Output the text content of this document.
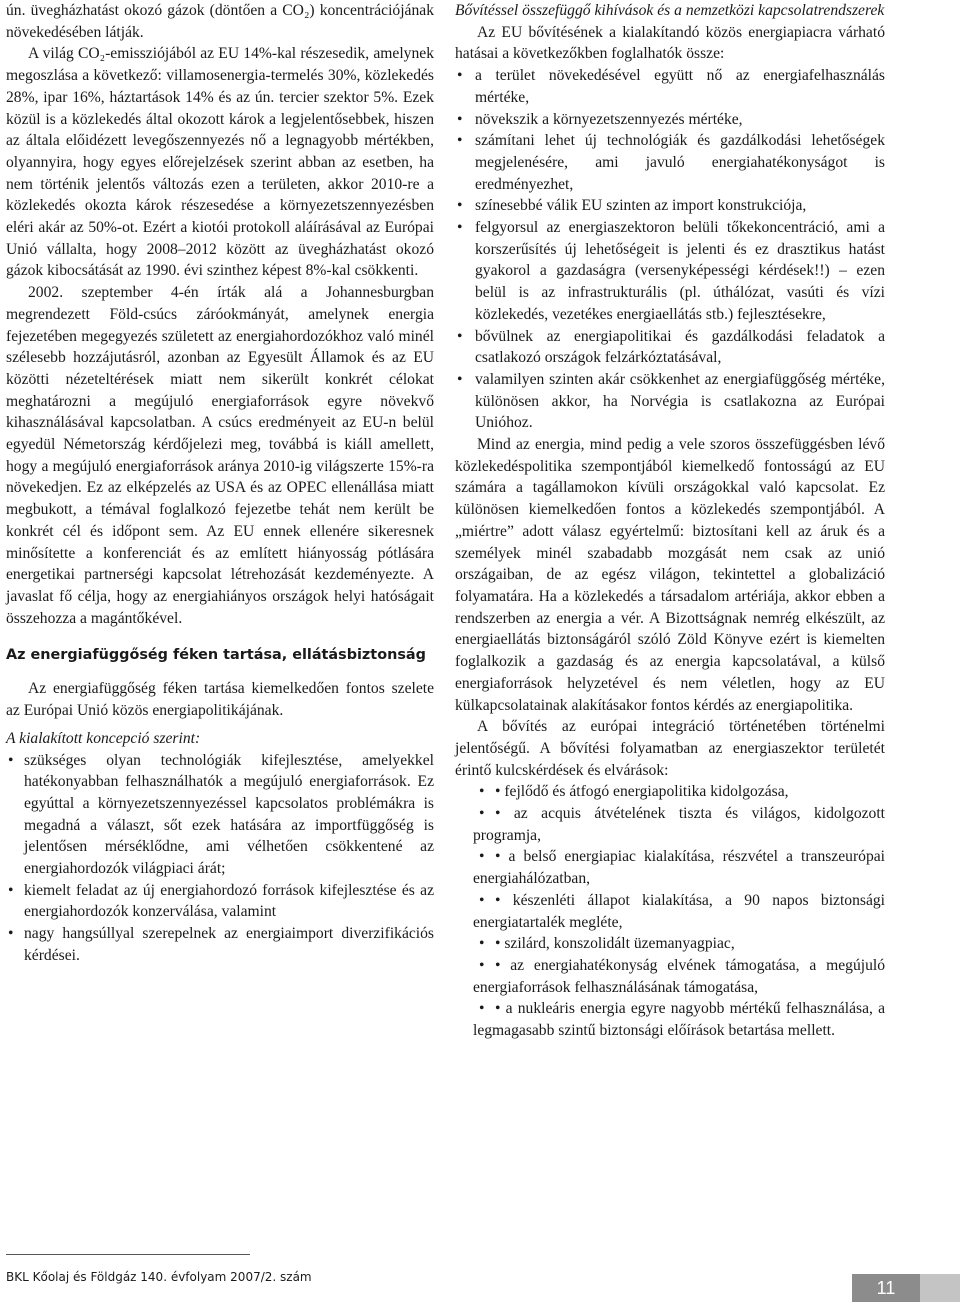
ún. üvegházhatást okozó gázok (döntően a CO₂) koncentrációjának növekedésében látják.

A világ CO₂-emissziójából az EU 14%-kal részesedik, amelynek megoszlása a következő: villamosenergia-termelés 30%, közlekedés 28%, ipar 16%, háztartások 14% és az ún. tercier szektor 5%. Ezek közül is a közlekedés által okozott károk a legjelentősebbek, hiszen az általa előidézett levegőszennyezés nő a legnagyobb mértékben, olyannyira, hogy egyes előrejelzések szerint abban az esetben, ha nem történik jelentős változás ezen a területen, akkor 2010-re a közlekedés okozta károk részesedése a környezetszennyezésben eléri akár az 50%-ot. Ezért a kiotói protokoll aláírásával az Európai Unió vállalta, hogy 2008–2012 között az üvegházhatást okozó gázok kibocsátását az 1990. évi szinthez képest 8%-kal csökkenti.

2002. szeptember 4-én írták alá a Johannesburgban megrendezett Föld-csúcs záróokmányát, amelynek energia fejezetében megegyezés született az energiahordozókhoz való minél szélesebb hozzájutásról, azonban az Egyesült Államok és az EU közötti nézeteltérések miatt nem sikerült konkrét célokat meghatározni a megújuló energiaforrások egyre növekvő kihasználásával kapcsolatban. A csúcs eredményeit az EU-n belül egyedül Németország kérdőjelezi meg, továbbá is kiáll amellett, hogy a megújuló energiaforrások aránya 2010-ig világszerte 15%-ra növekedjen. Ez az elképzelés az USA és az OPEC ellenállása miatt megbukott, a témával foglalkozó fejezetbe tehát nem került be konkrét cél és időpont sem. Az EU ennek ellenére sikeresnek minősítette a konferenciát és az említett hiányosság pótlására energetikai partnerségi kapcsolat létrehozását kezdeményezte. A javaslat fő célja, hogy az energiahiányos országok helyi hatóságait összehozza a magántőkével.

Az energiafüggőség féken tartása, ellátásbiztonság

Az energiafüggőség féken tartása kiemelkedően fontos szelete az Európai Unió közös energiapolitikájának.

A kialakított koncepció szerint:

• szükséges olyan technológiák kifejlesztése, amelyekkel hatékonyabban felhasználhatók a megújuló energiaforrások. Ez egyúttal a környezetszennyezéssel kapcsolatos problémákra is megadná a választ, sőt ezek hatására az importfüggőség is jelentősen mérséklődne, ami vélhetően csökkentené az energiahordozók világpiaci árát;
• kiemelt feladat az új energiahordozó források kifejlesztése és az energiahordozók konzerválása, valamint
• nagy hangsúllyal szerepelnek az energiaimport diverzifikációs kérdései.

Bővítéssel összefüggő kihívások és a nemzetközi kapcsolatrendszerek

Az EU bővítésének a kialakítandó közös energiapiacra várható hatásai a következőkben foglalhatók össze:

• a terület növekedésével együtt nő az energiafelhasználás mértéke,
• növekszik a környezetszennyezés mértéke,
• számítani lehet új technológiák és gazdálkodási lehetőségek megjelenésére, ami javuló energiahatékonyságot is eredményezhet,
• színesebbé válik EU szinten az import konstrukciója,
• felgyorsul az energiaszektoron belüli tőkekoncentráció, ami a korszerűsítés új lehetőségeit is jelenti és ez drasztikus hatást gyakorol a gazdaságra (versenyképességi kérdések!!) – ezen belül is az infrastrukturális (pl. úthálózat, vasúti és vízi közlekedés, vezetékes energiaellátás stb.) fejlesztésekre,
• bővülnek az energiapolitikai és gazdálkodási feladatok a csatlakozó országok felzárkóztatásával,
• valamilyen szinten akár csökkenhet az energiafüggőség mértéke, különösen akkor, ha Norvégia is csatlakozna az Európai Unióhoz.

Mind az energia, mind pedig a vele szoros összefüggésben lévő közlekedéspolitika szempontjából kiemelkedő fontosságú az EU számára a tagállamokon kívüli országokkal való kapcsolat. Ez különösen kiemelkedően fontos a közlekedés szempontjából. A „miértre” adott válasz egyértelmű: biztosítani kell az áruk és a személyek minél szabadabb mozgását nem csak az unió országaiban, de az egész világon, tekintettel a globalizáció folyamatára. Ha a közlekedés a társadalom artériája, akkor ebben a rendszerben az energia a vér. A Bizottságnak nemrég elkészült, az energiaellátás biztonságáról szóló Zöld Könyve ezért is kiemelten foglalkozik a gazdaság és az energia kapcsolatával, a külső energiaforrások helyzetével és nem véletlen, hogy az EU külkapcsolatainak alakításakor fontos kérdés az energiapolitika.

A bővítés az európai integráció történetében történelmi jelentőségű. A bővítési folyamatban az energiaszektor területét érintő kulcskérdések és elvárások:

• • fejlődő és átfogó energiapolitika kidolgozása,
• • az acquis átvételének tiszta és világos, kidolgozott programja,
• • a belső energiapiac kialakítása, részvétel a transzeurópai energiahálózatban,
• • készenléti állapot kialakítása, a 90 napos biztonsági energiatartalék megléte,
• • szilárd, konszolidált üzemanyagpiac,
• • az energiahatékonyság elvének támogatása, a megújuló energiaforrások felhasználásának támogatása,
• • a nukleáris energia egyre nagyobb mértékű felhasználása, a legmagasabb szintű biztonsági előírások betartása mellett.
BKL Kőolaj és Földgáz 140. évfolyam 2007/2. szám
11
